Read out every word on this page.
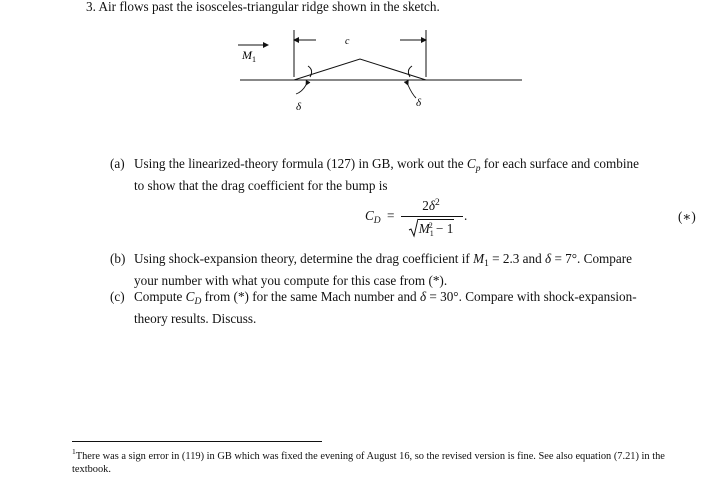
3. Air flows past the isosceles-triangular ridge shown in the sketch.
$M_1$
c
δ	δ
(a) Using the linearized-theory formula (127) in GB, work out the $C_p$ for each surface and combine
to show that the drag coefficient for the bump is
$C_D$ =
$2\delta^2$
$M_1^2 - 1$
.	(∗)
(b) Using shock-expansion theory, determine the drag coefficient if $M_1 = 2.3$ and δ = 7°. Compare
your number with what you compute for this case from (*).
(c) Compute $C_D$ from (*) for the same Mach number and δ = 30°. Compare with shock-expansion-
theory results. Discuss.
$^1$There was a sign error in (119) in GB which was fixed the evening of August 16, so the revised version is fine. See also equation (7.21) in the textbook.
